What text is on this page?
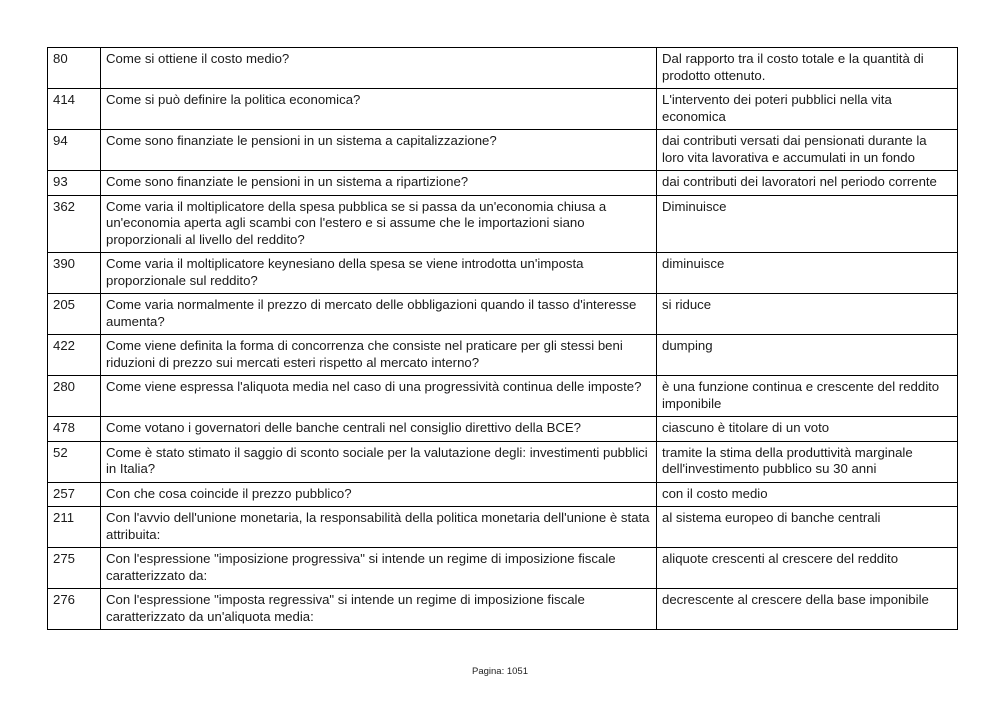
80	Come si ottiene il costo medio?	Dal rapporto tra il costo totale e la quantità di prodotto ottenuto.
414	Come si può definire la politica economica?	L'intervento dei poteri pubblici nella vita economica
94	Come sono finanziate le pensioni in un sistema a capitalizzazione?	dai contributi versati dai pensionati durante la loro vita lavorativa e accumulati in un fondo
93	Come sono finanziate le pensioni in un sistema a ripartizione?	dai contributi dei lavoratori nel periodo corrente
362	Come varia il moltiplicatore della spesa pubblica se si passa da un'economia chiusa a un'economia aperta agli scambi con l'estero e si assume che le importazioni siano proporzionali al livello del reddito?	Diminuisce
390	Come varia il moltiplicatore keynesiano della spesa se viene introdotta un'imposta proporzionale sul reddito?	diminuisce
205	Come varia normalmente il prezzo di mercato delle obbligazioni quando il tasso d'interesse aumenta?	si riduce
422	Come viene definita la forma di concorrenza che consiste nel praticare per gli stessi beni riduzioni di prezzo sui mercati esteri rispetto al mercato interno?	dumping
280	Come viene espressa l'aliquota media nel caso di una progressività continua delle imposte?	è una funzione continua e crescente del reddito imponibile
478	Come votano i governatori delle banche centrali nel consiglio direttivo della BCE?	ciascuno è titolare di un voto
52	Come è stato stimato il saggio di sconto sociale per la valutazione degli: investimenti pubblici in Italia?	tramite la stima della produttività marginale dell'investimento pubblico su 30 anni
257	Con che cosa coincide il prezzo pubblico?	con il costo medio
211	Con l'avvio dell'unione monetaria, la responsabilità della politica monetaria dell'unione è stata attribuita:	al sistema europeo di banche centrali
275	Con l'espressione "imposizione progressiva" si intende un regime di imposizione fiscale caratterizzato da:	aliquote crescenti al crescere del reddito
276	Con l'espressione "imposta regressiva" si intende un regime di imposizione fiscale caratterizzato da un'aliquota media:	decrescente al crescere della base imponibile
Pagina: 1051
